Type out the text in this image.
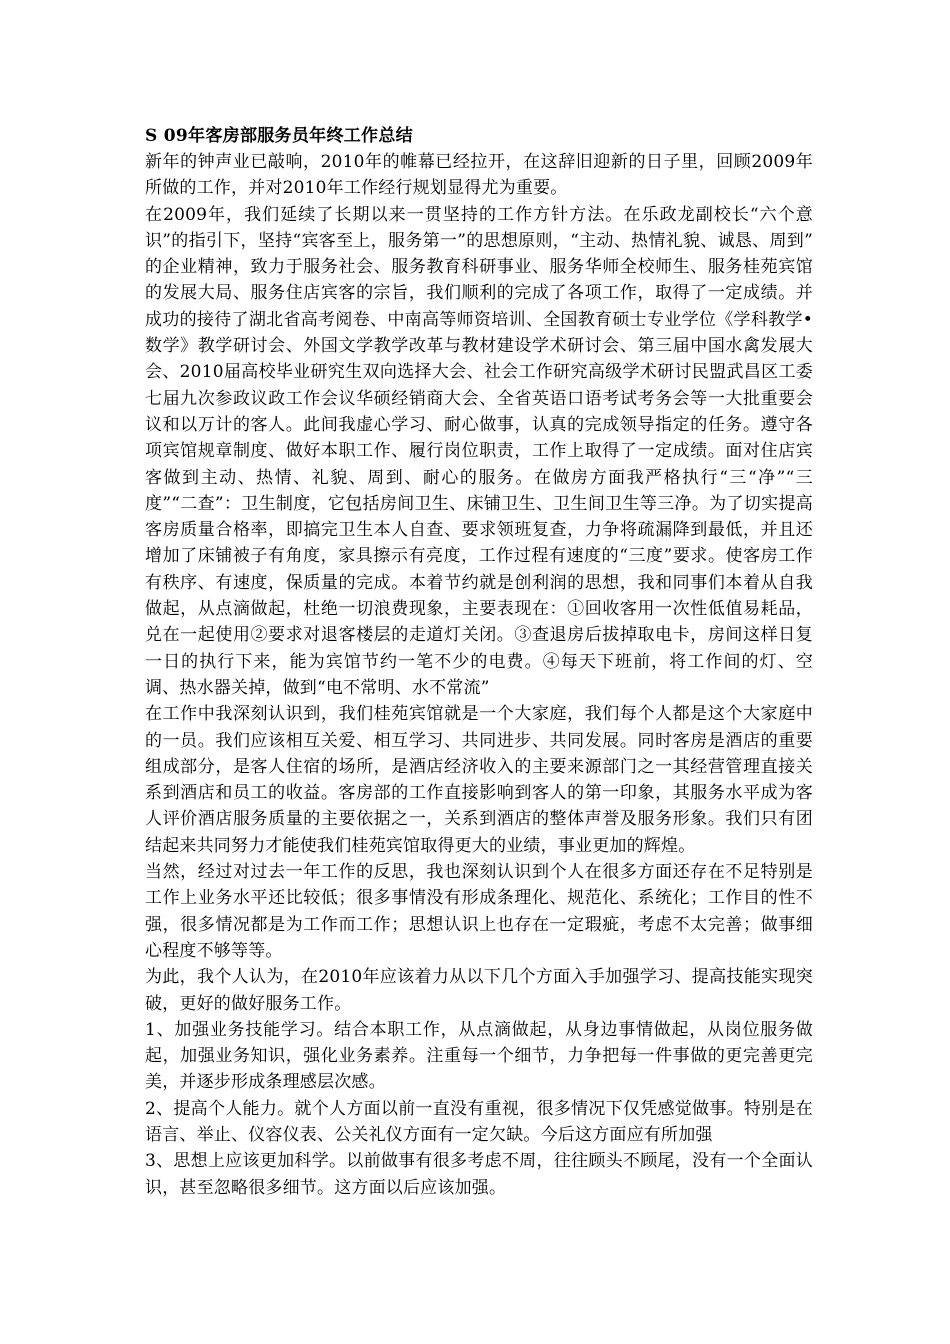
S 09年客房部服务员年终工作总结

新年的钟声业已敲响，2010年的帷幕已经拉开，在这辞旧迎新的日子里，回顾2009年所做的工作，并对2010年工作经行规划显得尤为重要。

在2009年，我们延续了长期以来一贯坚持的工作方针方法。在乐政龙副校长“六个意识”的指引下，坚持“宾客至上，服务第一”的思想原则，“主动、热情礼貌、诚恳、周到” 的企业精神，致力于服务社会、服务教育科研事业、服务华师全校师生、服务桂苑宾馆的发展大局、服务住店宾客的宗旨，我们顺利的完成了各项工作，取得了一定成绩。并成功的接待了湖北省高考阅卷、中南高等师资培训、全国教育硕士专业学位《学科教学•数学》教学研讨会、外国文学教学改革与教材建设学术研讨会、第三届中国水禽发展大会、2010届高校毕业研究生双向选择大会、社会工作研究高级学术研讨民盟武昌区工委七届九次参政议政工作会议华硕经销商大会、全省英语口语考试考务会等一大批重要会议和以万计的客人。此间我虚心学习、耐心做事，认真的完成领导指定的任务。遵守各项宾馆规章制度、做好本职工作、履行岗位职责，工作上取得了一定成绩。面对住店宾客做到主动、热情、礼貌、周到、耐心的服务。在做房方面我严格执行“三“净”“三度”“二查”：卫生制度，它包括房间卫生、床铺卫生、卫生间卫生等三净。为了切实提高客房质量合格率，即搞完卫生本人自查、要求领班复查，力争将疏漏降到最低，并且还增加了床铺被子有角度，家具擦示有亮度，工作过程有速度的“三度”要求。使客房工作有秩序、有速度，保质量的完成。本着节约就是创利润的思想，我和同事们本着从自我做起，从点滴做起，杜绝一切浪费现象，主要表现在：①回收客用一次性低值易耗品，兑在一起使用②要求对退客楼层的走道灯关闭。③查退房后拔掉取电卡，房间这样日复一日的执行下来，能为宾馆节约一笔不少的电费。④每天下班前，将工作间的灯、空调、热水器关掉，做到“电不常明、水不常流”

在工作中我深刻认识到，我们桂苑宾馆就是一个大家庭，我们每个人都是这个大家庭中的一员。我们应该相互关爱、相互学习、共同进步、共同发展。同时客房是酒店的重要组成部分，是客人住宿的场所，是酒店经济收入的主要来源部门之一其经营管理直接关系到酒店和员工的收益。客房部的工作直接影响到客人的第一印象，其服务水平成为客人评价酒店服务质量的主要依据之一，关系到酒店的整体声誉及服务形象。我们只有团结起来共同努力才能使我们桂苑宾馆取得更大的业绩，事业更加的辉煌。

当然，经过对过去一年工作的反思，我也深刻认识到个人在很多方面还存在不足特别是工作上业务水平还比较低；很多事情没有形成条理化、规范化、系统化；工作目的性不强，很多情况都是为工作而工作；思想认识上也存在一定瑕疵，考虑不太完善；做事细心程度不够等等。

为此，我个人认为，在2010年应该着力从以下几个方面入手加强学习、提高技能实现突破，更好的做好服务工作。

1、加强业务技能学习。结合本职工作，从点滴做起，从身边事情做起，从岗位服务做起，加强业务知识，强化业务素养。注重每一个细节，力争把每一件事做的更完善更完美，并逐步形成条理感层次感。

2、提高个人能力。就个人方面以前一直没有重视，很多情况下仅凭感觉做事。特别是在语言、举止、仪容仪表、公关礼仪方面有一定欠缺。今后这方面应有所加强

3、思想上应该更加科学。以前做事有很多考虑不周，往往顾头不顾尾，没有一个全面认识，甚至忽略很多细节。这方面以后应该加强。
